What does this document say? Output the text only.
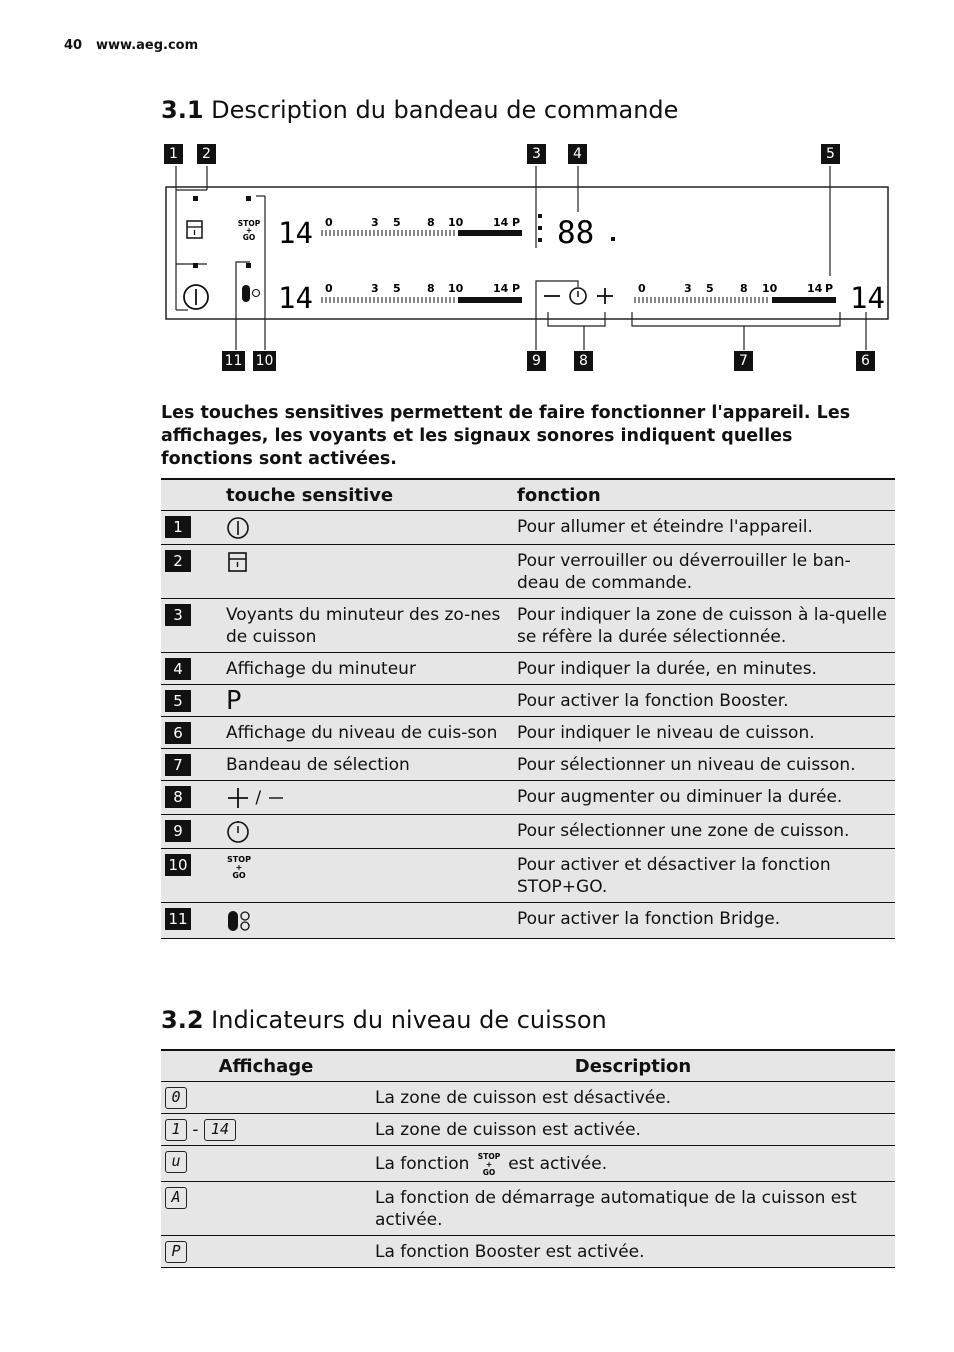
40 www.aeg.com
3.1 Description du bandeau de commande
STOP
+
GO 14 0	3 5 8 10	14 P
14 0	3 5 8 10	14 P
88
0	3 5 8 10	14 P 14
1	2	3	4	5
11 10	9	8	7	6
Les touches sensitives permettent de faire fonctionner l'appareil. Les affichages, les voyants et les signaux sonores indiquent quelles fonctions sont activées.
	touche sensitive	fonction
1		Pour allumer et éteindre l'appareil.
2		Pour verrouiller ou déverrouiller le ban-deau de commande.
3	Voyants du minuteur des zo-nes de cuisson	Pour indiquer la zone de cuisson à la-quelle se réfère la durée sélectionnée.
4	Affichage du minuteur	Pour indiquer la durée, en minutes.
5	P	Pour activer la fonction Booster.
6	Affichage du niveau de cuis-son	Pour indiquer le niveau de cuisson.
7	Bandeau de sélection	Pour sélectionner un niveau de cuisson.
8	/	Pour augmenter ou diminuer la durée.
9		Pour sélectionner une zone de cuisson.
10	STOP
+
GO	Pour activer et désactiver la fonction STOP+GO.
11		Pour activer la fonction Bridge.
3.2 Indicateurs du niveau de cuisson
Affichage	Description
0	La zone de cuisson est désactivée.
1 - 14	La zone de cuisson est activée.
u	La fonction STOP
+
GO est activée.
A	La fonction de démarrage automatique de la cuisson est activée.
P	La fonction Booster est activée.
